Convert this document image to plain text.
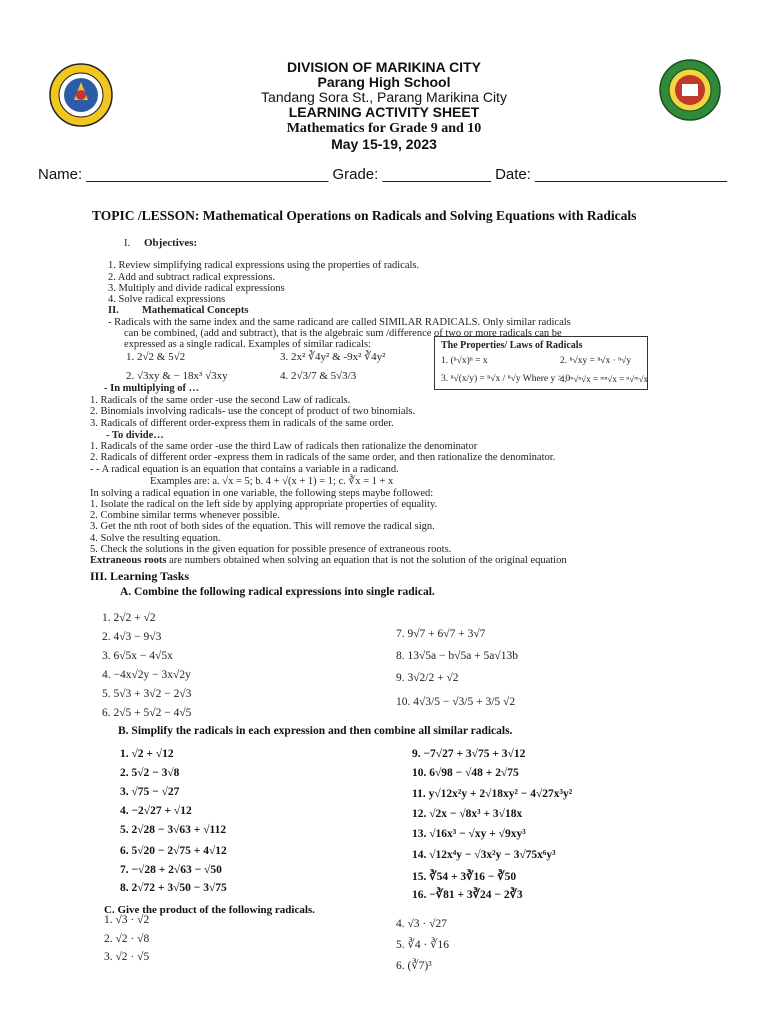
DIVISION OF MARIKINA CITY
Parang High School
Tandang Sora St., Parang Marikina City
LEARNING ACTIVITY SHEET
Mathematics for Grade 9 and 10
May 15-19, 2023
Name: _____________________________ Grade: _____________ Date: _______________________
TOPIC /LESSON: Mathematical Operations on Radicals and Solving Equations with Radicals
I. Objectives:
1. Review simplifying radical expressions using the properties of radicals.
2. Add and subtract radical expressions.
3. Multiply and divide radical expressions
4. Solve radical expressions
II. Mathematical Concepts
- Radicals with the same index and the same radicand are called SIMILAR RADICALS. Only similar radicals
can be combined, (add and subtract), that is the algebraic sum /difference of two or more radicals can be
expressed as a single radical. Examples of similar radicals:
1. 2√2 & 5√2
2. √3xy & − 18x³ √3xy
3. 2x² ∛4y² & -9x² ∛4y²
4. 2√3/7 & 5√3/3
The Properties/ Laws of Radicals
1. (ⁿ√x)ⁿ = x	2. ⁿ√xy = ⁿ√x · ⁿ√y
3. ⁿ√(x/y) = ⁿ√x / ⁿ√y Where y > 0
4. ᵐ√ⁿ√x = ᵐⁿ√x = ⁿ√ᵐ√x
- In multiplying of …
1. Radicals of the same order -use the second Law of radicals.
2. Binomials involving radicals- use the concept of product of two binomials.
3. Radicals of different order-express them in radicals of the same order.
- To divide…
1. Radicals of the same order -use the third Law of radicals then rationalize the denominator
2. Radicals of different order -express them in radicals of the same order, and then rationalize the denominator.
- - A radical equation is an equation that contains a variable in a radicand.
Examples are: a. √x = 5; b. 4 + √(x + 1) = 1; c. ∛x = 1 + x
In solving a radical equation in one variable, the following steps maybe followed:
1. Isolate the radical on the left side by applying appropriate properties of equality.
2. Combine similar terms whenever possible.
3. Get the nth root of both sides of the equation. This will remove the radical sign.
4. Solve the resulting equation.
5. Check the solutions in the given equation for possible presence of extraneous roots.
Extraneous roots are numbers obtained when solving an equation that is not the solution of the original equation
III. Learning Tasks
A. Combine the following radical expressions into single radical.
1. 2√2 + √2
2. 4√3 − 9√3
3. 6√5x − 4√5x
4. −4x√2y − 3x√2y
5. 5√3 + 3√2 − 2√3
6. 2√5 + 5√2 − 4√5
7. 9√7 + 6√7 + 3√7
8. 13√5a − b√5a + 5a√13b
9. 3√2/2 + √2
10. 4√3/5 − √3/5 + 3/5 √2
B. Simplify the radicals in each expression and then combine all similar radicals.
1. √2 + √12
2. 5√2 − 3√8
3. √75 − √27
4. −2√27 + √12
5. 2√28 − 3√63 + √112
6. 5√20 − 2√75 + 4√12
7. −√28 + 2√63 − √50
8. 2√72 + 3√50 − 3√75
9. −7√27 + 3√75 + 3√12
10. 6√98 − √48 + 2√75
11. y√12x²y + 2√18xy² − 4√27x³y²
12. √2x − √8x³ + 3√18x
13. √16x³ − √xy + √9xy³
14. √12x⁴y − √3x²y − 3√75x⁶y³
15. ∛54 + 3∛16 − ∛50
16. −∛81 + 3∛24 − 2∛3
C. Give the product of the following radicals.
1. √3 · √2
2. √2 · √8
3. √2 · √5
4. √3 · √27
5. ∛4 · ∛16
6. (∛7)³
